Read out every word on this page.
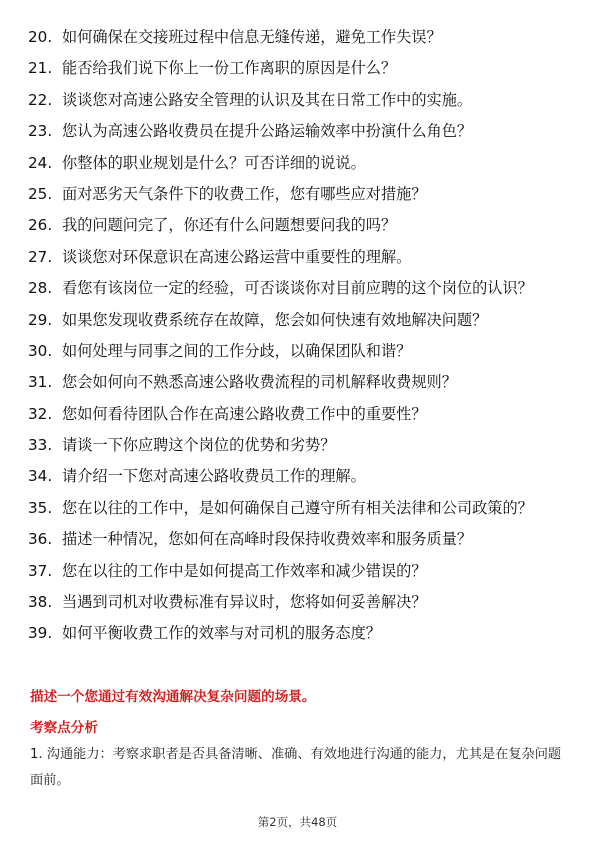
20. 如何确保在交接班过程中信息无缝传递，避免工作失误？
21. 能否给我们说下你上一份工作离职的原因是什么？
22. 谈谈您对高速公路安全管理的认识及其在日常工作中的实施。
23. 您认为高速公路收费员在提升公路运输效率中扮演什么角色？
24. 你整体的职业规划是什么？可否详细的说说。
25. 面对恶劣天气条件下的收费工作，您有哪些应对措施？
26. 我的问题问完了，你还有什么问题想要问我的吗？
27. 谈谈您对环保意识在高速公路运营中重要性的理解。
28. 看您有该岗位一定的经验，可否谈谈你对目前应聘的这个岗位的认识？
29. 如果您发现收费系统存在故障，您会如何快速有效地解决问题？
30. 如何处理与同事之间的工作分歧，以确保团队和谐？
31. 您会如何向不熟悉高速公路收费流程的司机解释收费规则？
32. 您如何看待团队合作在高速公路收费工作中的重要性？
33. 请谈一下你应聘这个岗位的优势和劣势？
34. 请介绍一下您对高速公路收费员工作的理解。
35. 您在以往的工作中，是如何确保自己遵守所有相关法律和公司政策的？
36. 描述一种情况，您如何在高峰时段保持收费效率和服务质量？
37. 您在以往的工作中是如何提高工作效率和减少错误的？
38. 当遇到司机对收费标准有异议时，您将如何妥善解决？
39. 如何平衡收费工作的效率与对司机的服务态度？
描述一个您通过有效沟通解决复杂问题的场景。
考察点分析
1. 沟通能力：考察求职者是否具备清晰、准确、有效地进行沟通的能力，尤其是在复杂问题面前。
第2页，共48页
